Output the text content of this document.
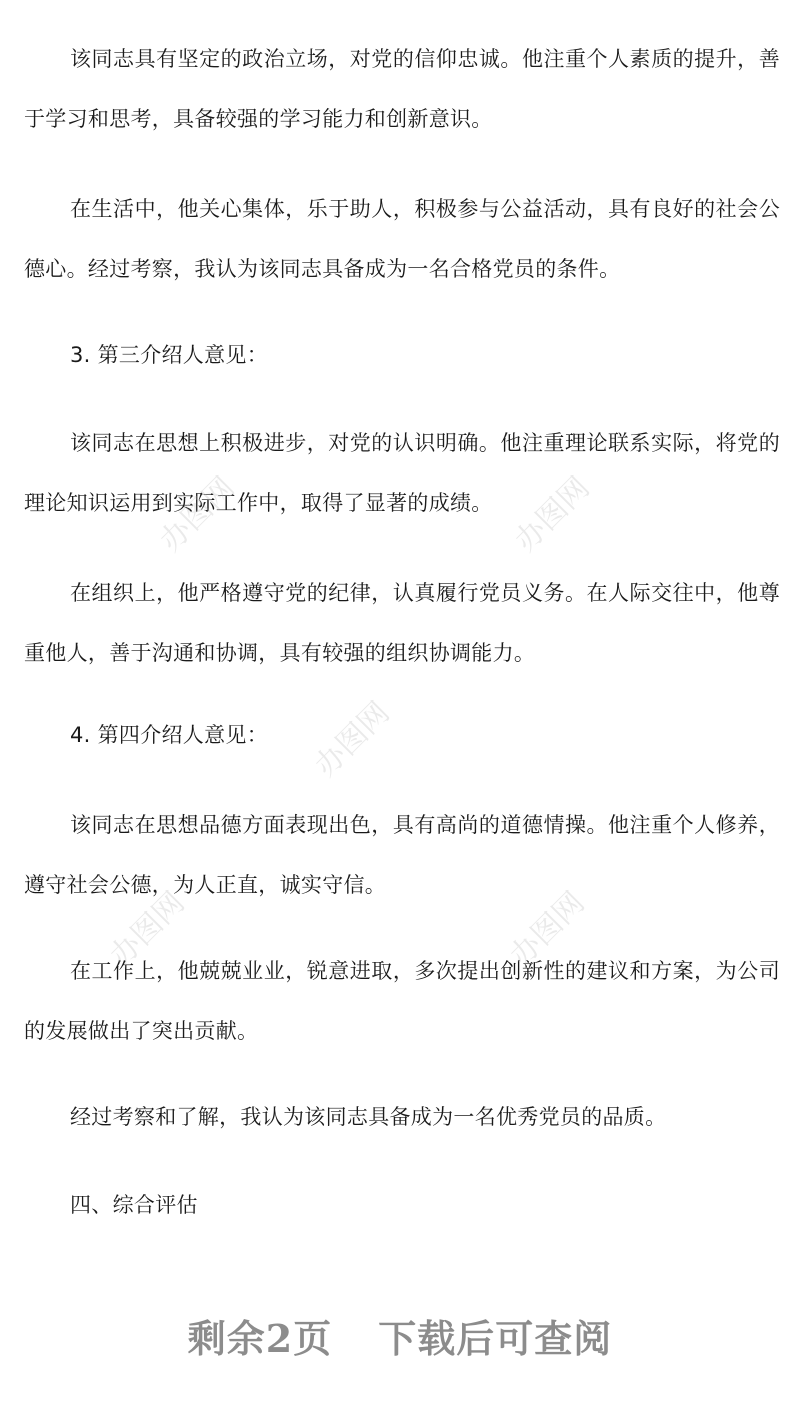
该同志具有坚定的政治立场，对党的信仰忠诚。他注重个人素质的提升，善于学习和思考，具备较强的学习能力和创新意识。

在生活中，他关心集体，乐于助人，积极参与公益活动，具有良好的社会公德心。经过考察，我认为该同志具备成为一名合格党员的条件。

3. 第三介绍人意见：

该同志在思想上积极进步，对党的认识明确。他注重理论联系实际，将党的理论知识运用到实际工作中，取得了显著的成绩。

在组织上，他严格遵守党的纪律，认真履行党员义务。在人际交往中，他尊重他人，善于沟通和协调，具有较强的组织协调能力。

4. 第四介绍人意见：

该同志在思想品德方面表现出色，具有高尚的道德情操。他注重个人修养，遵守社会公德，为人正直，诚实守信。

在工作上，他兢兢业业，锐意进取，多次提出创新性的建议和方案，为公司的发展做出了突出贡献。

经过考察和了解，我认为该同志具备成为一名优秀党员的品质。

四、综合评估

办图网	办图网
办图网
办图网	办图网
剩余2页 下载后可查阅
